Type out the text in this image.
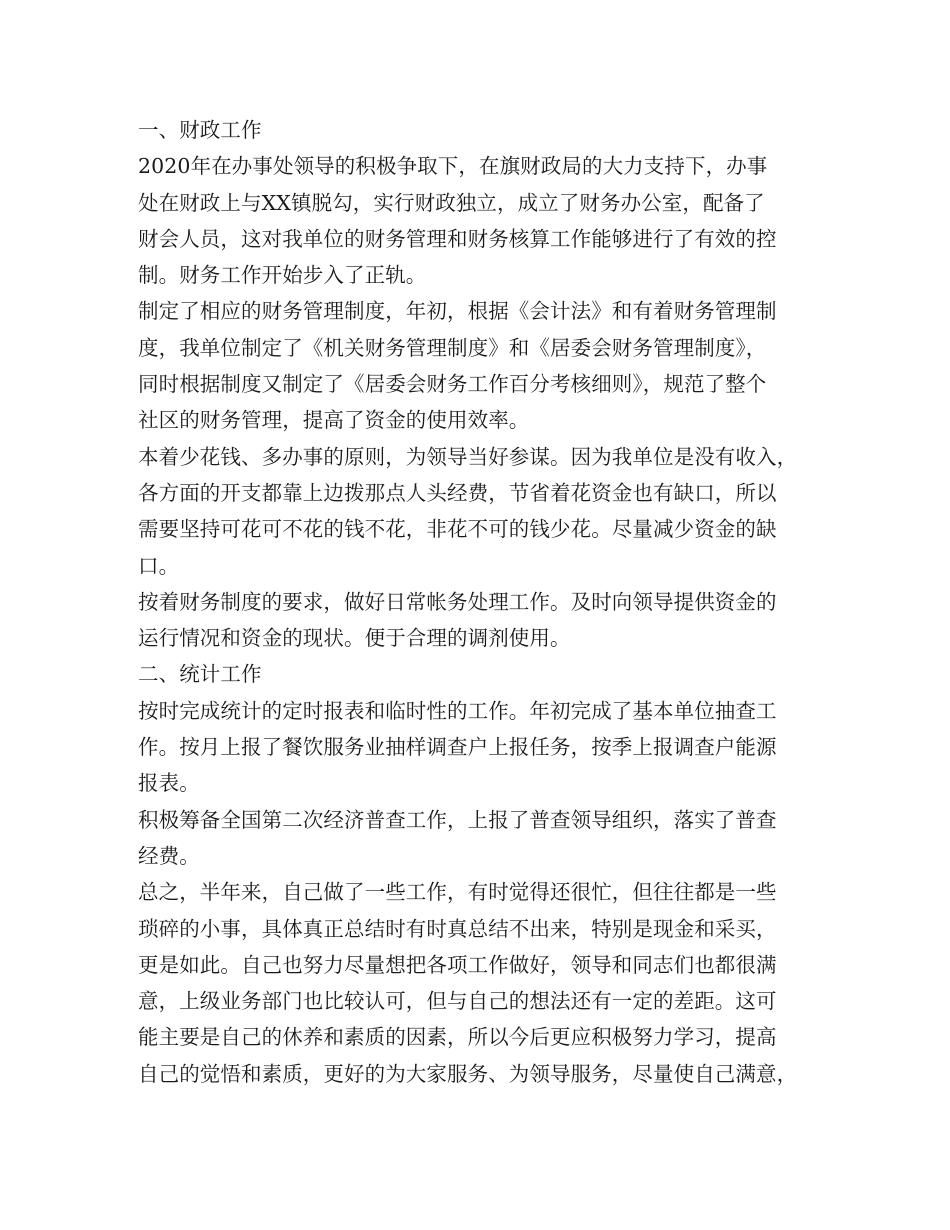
一、财政工作
2020年在办事处领导的积极争取下，在旗财政局的大力支持下，办事
处在财政上与XX镇脱勾，实行财政独立，成立了财务办公室，配备了
财会人员，这对我单位的财务管理和财务核算工作能够进行了有效的控
制。财务工作开始步入了正轨。
制定了相应的财务管理制度，年初，根据《会计法》和有着财务管理制
度，我单位制定了《机关财务管理制度》和《居委会财务管理制度》，
同时根据制度又制定了《居委会财务工作百分考核细则》，规范了整个
社区的财务管理，提高了资金的使用效率。
本着少花钱、多办事的原则，为领导当好参谋。因为我单位是没有收入，
各方面的开支都靠上边拨那点人头经费，节省着花资金也有缺口，所以
需要坚持可花可不花的钱不花，非花不可的钱少花。尽量减少资金的缺
口。
按着财务制度的要求，做好日常帐务处理工作。及时向领导提供资金的
运行情况和资金的现状。便于合理的调剂使用。
二、统计工作
按时完成统计的定时报表和临时性的工作。年初完成了基本单位抽查工
作。按月上报了餐饮服务业抽样调查户上报任务，按季上报调查户能源
报表。
积极筹备全国第二次经济普查工作，上报了普查领导组织，落实了普查
经费。
总之，半年来，自己做了一些工作，有时觉得还很忙，但往往都是一些
琐碎的小事，具体真正总结时有时真总结不出来，特别是现金和采买，
更是如此。自己也努力尽量想把各项工作做好，领导和同志们也都很满
意，上级业务部门也比较认可，但与自己的想法还有一定的差距。这可
能主要是自己的休养和素质的因素，所以今后更应积极努力学习，提高
自己的觉悟和素质，更好的为大家服务、为领导服务，尽量使自己满意，
